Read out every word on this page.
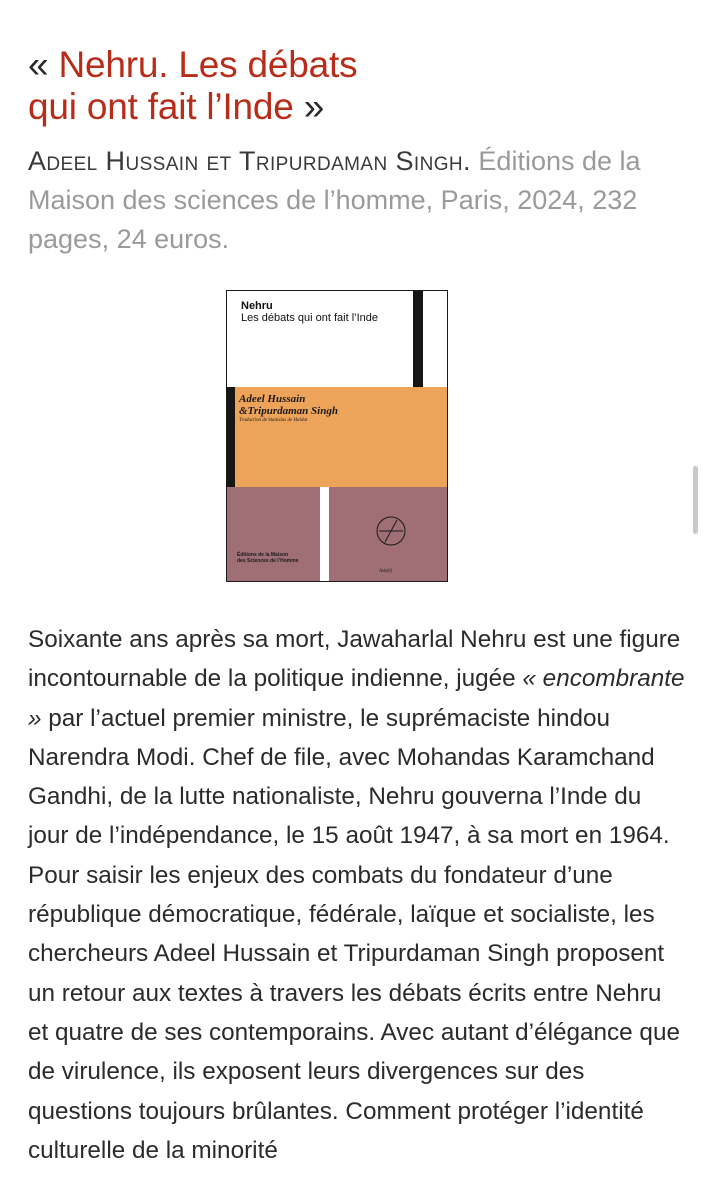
« Nehru. Les débats
qui ont fait l’Inde »
Adeel Hussain et Tripurdaman Singh. Éditions de la Maison des sciences de l’homme, Paris, 2024, 232 pages, 24 euros.
Nehru
Les débats qui ont fait l’Inde
Adeel Hussain
&Tripurdaman Singh
Traduction de Stanislas de Haldat
Éditions de la Maison
des Sciences de l’Homme
Ash(ê)

Soixante ans après sa mort, Jawaharlal Nehru est une figure incontournable de la politique indienne, jugée « encombrante » par l’actuel premier ministre, le suprémaciste hindou Narendra Modi. Chef de file, avec Mohandas Karamchand Gandhi, de la lutte nationaliste, Nehru gouverna l’Inde du jour de l’indépendance, le 15 août 1947, à sa mort en 1964. Pour saisir les enjeux des combats du fondateur d’une république démocratique, fédérale, laïque et socialiste, les chercheurs Adeel Hussain et Tripurdaman Singh proposent un retour aux textes à travers les débats écrits entre Nehru et quatre de ses contemporains. Avec autant d’élégance que de virulence, ils exposent leurs divergences sur des questions toujours brûlantes. Comment protéger l’identité culturelle de la minorité
